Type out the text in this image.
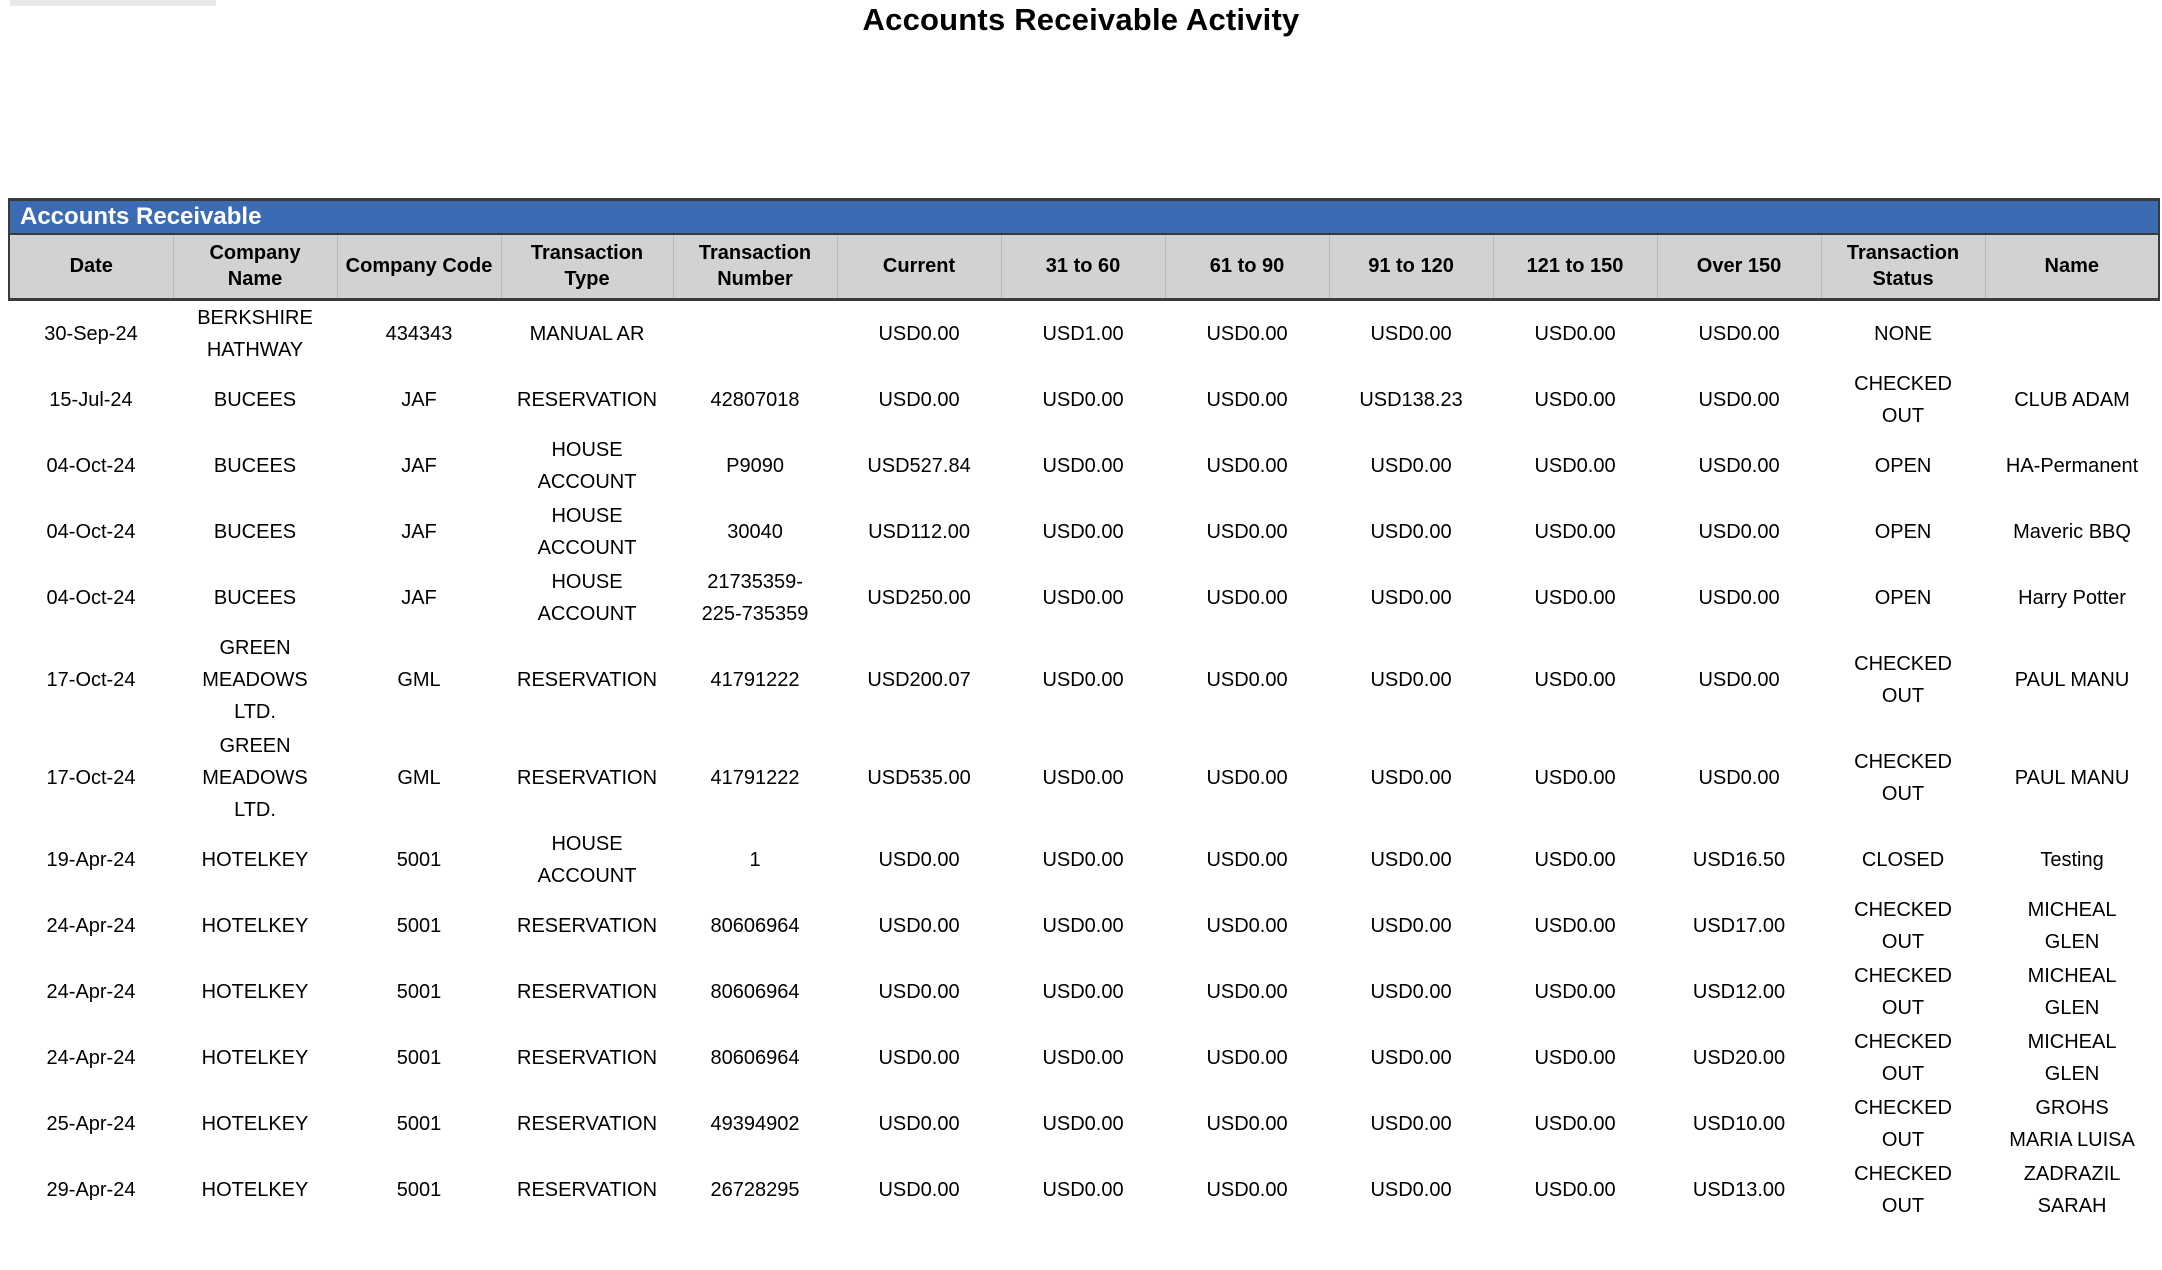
Accounts Receivable Activity
Accounts Receivable												
Date	Company Name	Company Code	Transaction Type	Transaction Number	Current	31 to 60	61 to 90	91 to 120	121 to 150	Over 150	Transaction Status	Name
30-Sep-24	BERKSHIRE HATHWAY	434343	MANUAL AR		USD0.00	USD1.00	USD0.00	USD0.00	USD0.00	USD0.00	NONE	
15-Jul-24	BUCEES	JAF	RESERVATION	42807018	USD0.00	USD0.00	USD0.00	USD138.23	USD0.00	USD0.00	CHECKED OUT	CLUB ADAM
04-Oct-24	BUCEES	JAF	HOUSE ACCOUNT	P9090	USD527.84	USD0.00	USD0.00	USD0.00	USD0.00	USD0.00	OPEN	HA-Permanent
04-Oct-24	BUCEES	JAF	HOUSE ACCOUNT	30040	USD112.00	USD0.00	USD0.00	USD0.00	USD0.00	USD0.00	OPEN	Maveric BBQ
04-Oct-24	BUCEES	JAF	HOUSE ACCOUNT	21735359-225-735359	USD250.00	USD0.00	USD0.00	USD0.00	USD0.00	USD0.00	OPEN	Harry Potter
17-Oct-24	GREEN MEADOWS LTD.	GML	RESERVATION	41791222	USD200.07	USD0.00	USD0.00	USD0.00	USD0.00	USD0.00	CHECKED OUT	PAUL MANU
17-Oct-24	GREEN MEADOWS LTD.	GML	RESERVATION	41791222	USD535.00	USD0.00	USD0.00	USD0.00	USD0.00	USD0.00	CHECKED OUT	PAUL MANU
19-Apr-24	HOTELKEY	5001	HOUSE ACCOUNT	1	USD0.00	USD0.00	USD0.00	USD0.00	USD0.00	USD16.50	CLOSED	Testing
24-Apr-24	HOTELKEY	5001	RESERVATION	80606964	USD0.00	USD0.00	USD0.00	USD0.00	USD0.00	USD17.00	CHECKED OUT	MICHEAL GLEN
24-Apr-24	HOTELKEY	5001	RESERVATION	80606964	USD0.00	USD0.00	USD0.00	USD0.00	USD0.00	USD12.00	CHECKED OUT	MICHEAL GLEN
24-Apr-24	HOTELKEY	5001	RESERVATION	80606964	USD0.00	USD0.00	USD0.00	USD0.00	USD0.00	USD20.00	CHECKED OUT	MICHEAL GLEN
25-Apr-24	HOTELKEY	5001	RESERVATION	49394902	USD0.00	USD0.00	USD0.00	USD0.00	USD0.00	USD10.00	CHECKED OUT	GROHS MARIA LUISA
29-Apr-24	HOTELKEY	5001	RESERVATION	26728295	USD0.00	USD0.00	USD0.00	USD0.00	USD0.00	USD13.00	CHECKED OUT	ZADRAZIL SARAH
